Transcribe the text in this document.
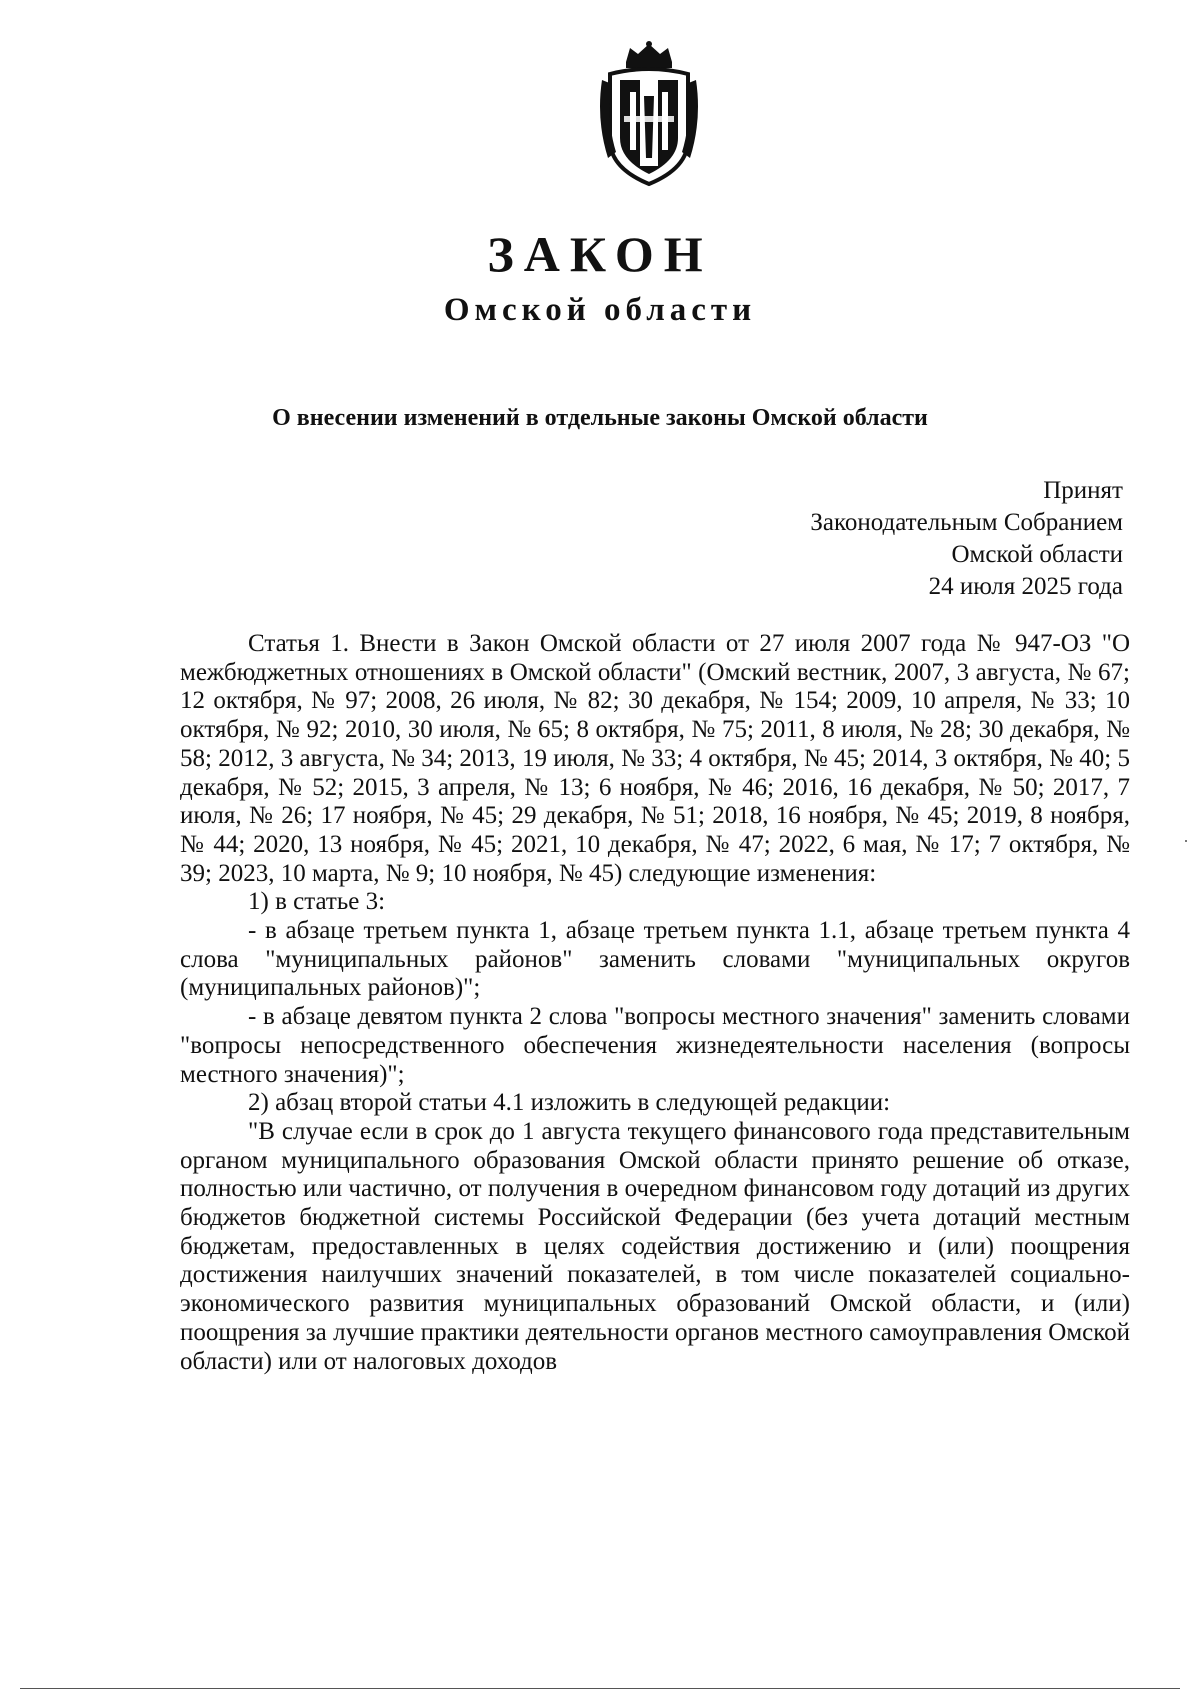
ЗАКОН
Омской области
О внесении изменений в отдельные законы Омской области
Принят
Законодательным Собранием
Омской области
24 июля 2025 года

Статья 1. Внести в Закон Омской области от 27 июля 2007 года № 947-ОЗ "О межбюджетных отношениях в Омской области" (Омский вестник, 2007, 3 августа, № 67; 12 октября, № 97; 2008, 26 июля, № 82; 30 декабря, № 154; 2009, 10 апреля, № 33; 10 октября, № 92; 2010, 30 июля, № 65; 8 октября, № 75; 2011, 8 июля, № 28; 30 декабря, № 58; 2012, 3 августа, № 34; 2013, 19 июля, № 33; 4 октября, № 45; 2014, 3 октября, № 40; 5 декабря, № 52; 2015, 3 апреля, № 13; 6 ноября, № 46; 2016, 16 декабря, № 50; 2017, 7 июля, № 26; 17 ноября, № 45; 29 декабря, № 51; 2018, 16 ноября, № 45; 2019, 8 ноября, № 44; 2020, 13 ноября, № 45; 2021, 10 декабря, № 47; 2022, 6 мая, № 17; 7 октября, № 39; 2023, 10 марта, № 9; 10 ноября, № 45) следующие изменения:

1) в статье 3:

- в абзаце третьем пункта 1, абзаце третьем пункта 1.1, абзаце третьем пункта 4 слова "муниципальных районов" заменить словами "муниципальных округов (муниципальных районов)";

- в абзаце девятом пункта 2 слова "вопросы местного значения" заменить словами "вопросы непосредственного обеспечения жизнедеятельности населения (вопросы местного значения)";

2) абзац второй статьи 4.1 изложить в следующей редакции:

"В случае если в срок до 1 августа текущего финансового года представительным органом муниципального образования Омской области принято решение об отказе, полностью или частично, от получения в очередном финансовом году дотаций из других бюджетов бюджетной системы Российской Федерации (без учета дотаций местным бюджетам, предоставленных в целях содействия достижению и (или) поощрения достижения наилучших значений показателей, в том числе показателей социально-экономического развития муниципальных образований Омской области, и (или) поощрения за лучшие практики деятельности органов местного самоуправления Омской области) или от налоговых доходов
